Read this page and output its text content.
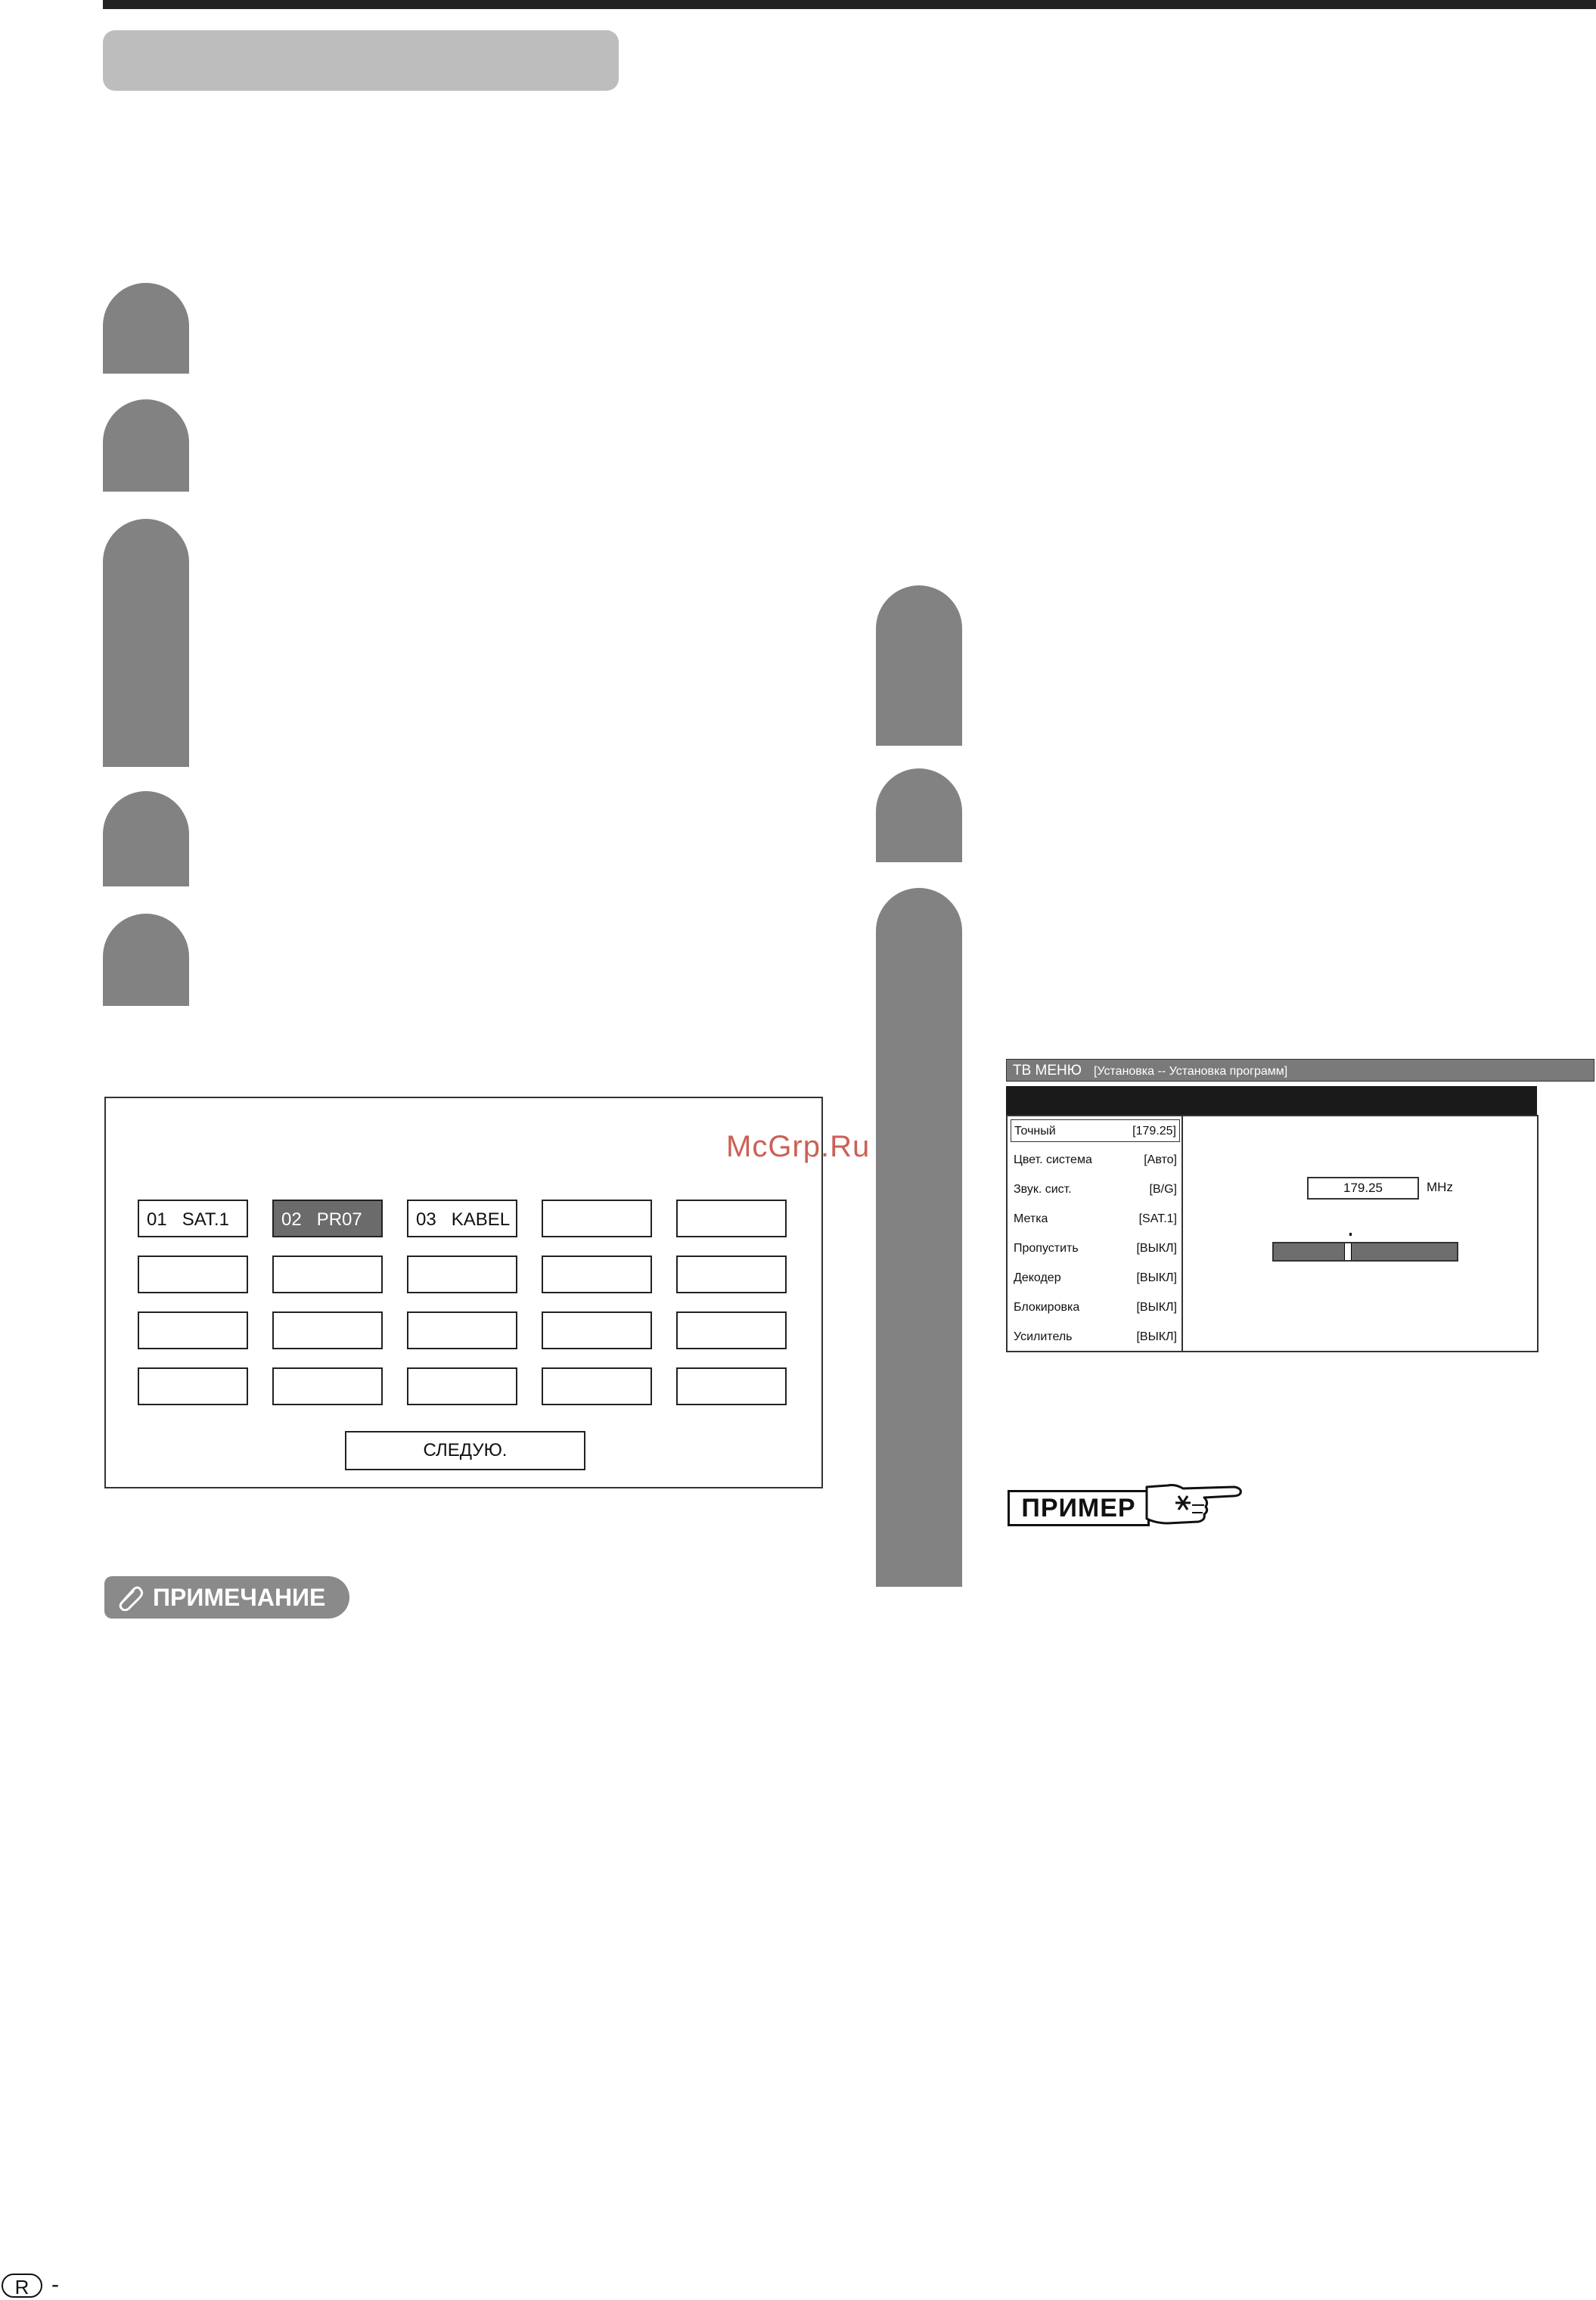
01   SAT.1	02   PR07	03   KABEL
СЛЕДУЮ.
McGrp.Ru
ПРИМЕЧАНИЕ
ТВ МЕНЮ [Установка -- Установка программ]
Точный	[179.25]
Цвет. система	[Авто]
Звук. сист.	[B/G]
Метка	[SAT.1]
Пропустить	[ВЫКЛ]
Декодер	[ВЫКЛ]
Блокировка	[ВЫКЛ]
Усилитель	[ВЫКЛ]
179.25	MHz
ПРИМЕР
R -
